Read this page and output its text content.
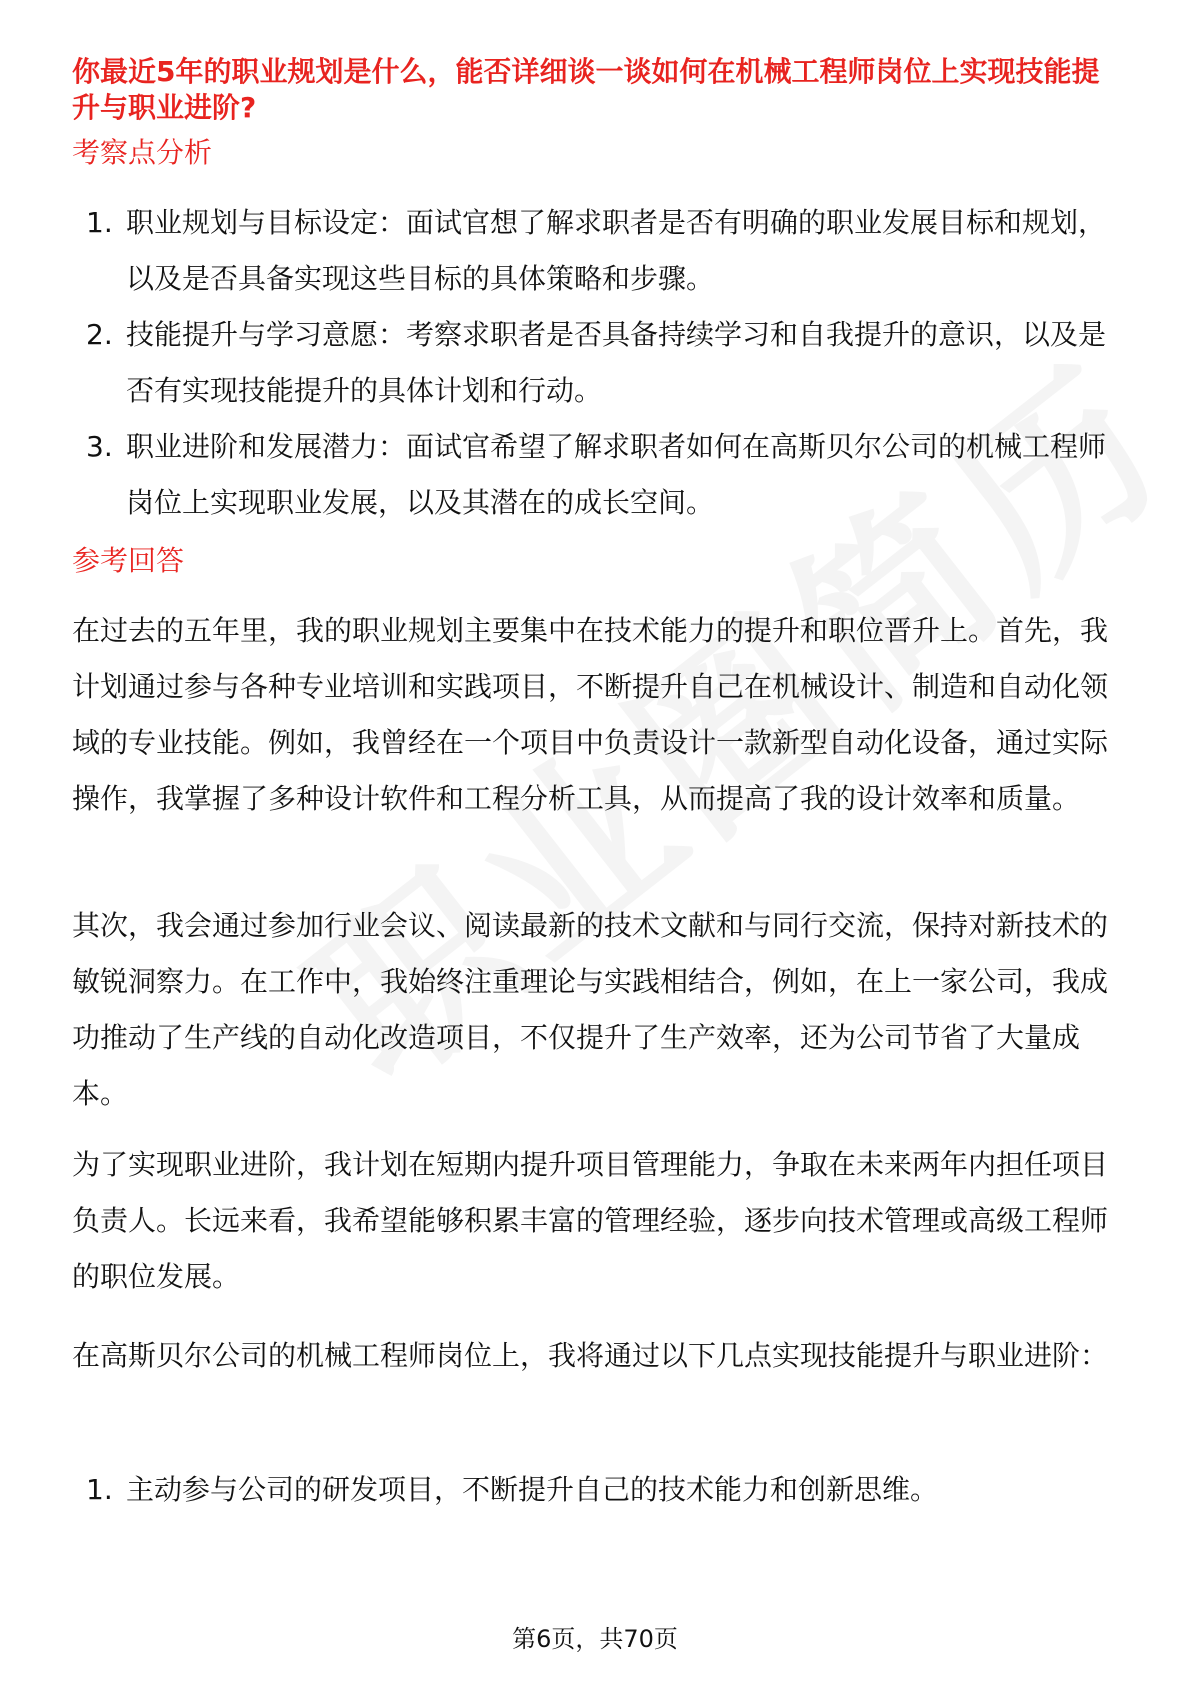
你最近5年的职业规划是什么，能否详细谈一谈如何在机械工程师岗位上实现技能提升与职业进阶?
考察点分析
1. 职业规划与目标设定：面试官想了解求职者是否有明确的职业发展目标和规划，以及是否具备实现这些目标的具体策略和步骤。
2. 技能提升与学习意愿：考察求职者是否具备持续学习和自我提升的意识，以及是否有实现技能提升的具体计划和行动。
3. 职业进阶和发展潜力：面试官希望了解求职者如何在高斯贝尔公司的机械工程师岗位上实现职业发展，以及其潜在的成长空间。
参考回答

在过去的五年里，我的职业规划主要集中在技术能力的提升和职位晋升上。首先，我计划通过参与各种专业培训和实践项目，不断提升自己在机械设计、制造和自动化领域的专业技能。例如，我曾经在一个项目中负责设计一款新型自动化设备，通过实际操作，我掌握了多种设计软件和工程分析工具，从而提高了我的设计效率和质量。

其次，我会通过参加行业会议、阅读最新的技术文献和与同行交流，保持对新技术的敏锐洞察力。在工作中，我始终注重理论与实践相结合，例如，在上一家公司，我成功推动了生产线的自动化改造项目，不仅提升了生产效率，还为公司节省了大量成本。

为了实现职业进阶，我计划在短期内提升项目管理能力，争取在未来两年内担任项目负责人。长远来看，我希望能够积累丰富的管理经验，逐步向技术管理或高级工程师的职位发展。

在高斯贝尔公司的机械工程师岗位上，我将通过以下几点实现技能提升与职业进阶：

1. 主动参与公司的研发项目，不断提升自己的技术能力和创新思维。
第6页，共70页
